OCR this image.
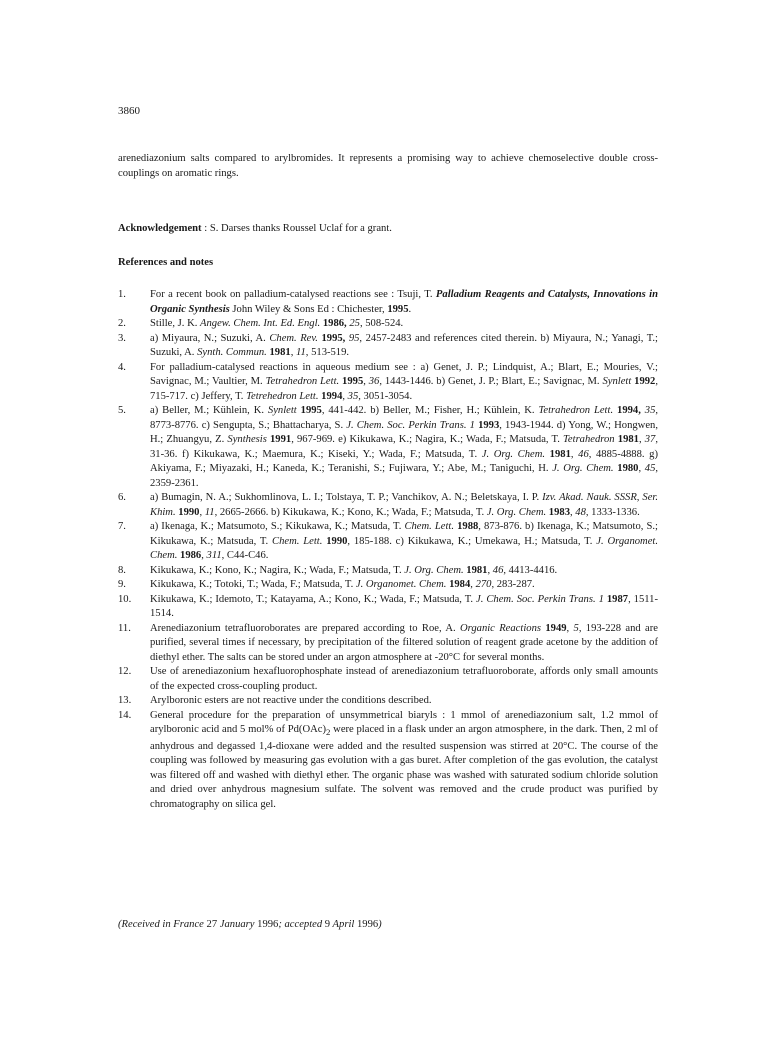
3860
arenediazonium salts compared to arylbromides. It represents a promising way to achieve chemoselective double cross-couplings on aromatic rings.
Acknowledgement : S. Darses thanks Roussel Uclaf for a grant.
References and notes
1.	For a recent book on palladium-catalysed reactions see : Tsuji, T. Palladium Reagents and Catalysts, Innovations in Organic Synthesis John Wiley & Sons Ed : Chichester, 1995.
2.	Stille, J. K. Angew. Chem. Int. Ed. Engl. 1986, 25, 508-524.
3.	a) Miyaura, N.; Suzuki, A. Chem. Rev. 1995, 95, 2457-2483 and references cited therein. b) Miyaura, N.; Yanagi, T.; Suzuki, A. Synth. Commun. 1981, 11, 513-519.
4.	For palladium-catalysed reactions in aqueous medium see : a) Genet, J. P.; Lindquist, A.; Blart, E.; Mouries, V.; Savignac, M.; Vaultier, M. Tetrahedron Lett. 1995, 36, 1443-1446. b) Genet, J. P.; Blart, E.; Savignac, M. Synlett 1992, 715-717. c) Jeffery, T. Tetrehedron Lett. 1994, 35, 3051-3054.
5.	a) Beller, M.; Kühlein, K. Synlett 1995, 441-442. b) Beller, M.; Fisher, H.; Kühlein, K. Tetrahedron Lett. 1994, 35, 8773-8776. c) Sengupta, S.; Bhattacharya, S. J. Chem. Soc. Perkin Trans. 1 1993, 1943-1944. d) Yong, W.; Hongwen, H.; Zhuangyu, Z. Synthesis 1991, 967-969. e) Kikukawa, K.; Nagira, K.; Wada, F.; Matsuda, T. Tetrahedron 1981, 37, 31-36. f) Kikukawa, K.; Maemura, K.; Kiseki, Y.; Wada, F.; Matsuda, T. J. Org. Chem. 1981, 46, 4885-4888. g) Akiyama, F.; Miyazaki, H.; Kaneda, K.; Teranishi, S.; Fujiwara, Y.; Abe, M.; Taniguchi, H. J. Org. Chem. 1980, 45, 2359-2361.
6.	a) Bumagin, N. A.; Sukhomlinova, L. I.; Tolstaya, T. P.; Vanchikov, A. N.; Beletskaya, I. P. Izv. Akad. Nauk. SSSR, Ser. Khim. 1990, 11, 2665-2666. b) Kikukawa, K.; Kono, K.; Wada, F.; Matsuda, T. J. Org. Chem. 1983, 48, 1333-1336.
7.	a) Ikenaga, K.; Matsumoto, S.; Kikukawa, K.; Matsuda, T. Chem. Lett. 1988, 873-876. b) Ikenaga, K.; Matsumoto, S.; Kikukawa, K.; Matsuda, T. Chem. Lett. 1990, 185-188. c) Kikukawa, K.; Umekawa, H.; Matsuda, T. J. Organomet. Chem. 1986, 311, C44-C46.
8.	Kikukawa, K.; Kono, K.; Nagira, K.; Wada, F.; Matsuda, T. J. Org. Chem. 1981, 46, 4413-4416.
9.	Kikukawa, K.; Totoki, T.; Wada, F.; Matsuda, T. J. Organomet. Chem. 1984, 270, 283-287.
10.	Kikukawa, K.; Idemoto, T.; Katayama, A.; Kono, K.; Wada, F.; Matsuda, T. J. Chem. Soc. Perkin Trans. 1 1987, 1511-1514.
11.	Arenediazonium tetrafluoroborates are prepared according to Roe, A. Organic Reactions 1949, 5, 193-228 and are purified, several times if necessary, by precipitation of the filtered solution of reagent grade acetone by the addition of diethyl ether. The salts can be stored under an argon atmosphere at -20°C for several months.
12.	Use of arenediazonium hexafluorophosphate instead of arenediazonium tetrafluoroborate, affords only small amounts of the expected cross-coupling product.
13.	Arylboronic esters are not reactive under the conditions described.
14.	General procedure for the preparation of unsymmetrical biaryls : 1 mmol of arenediazonium salt, 1.2 mmol of arylboronic acid and 5 mol% of $Pd(OAc)_2$ were placed in a flask under an argon atmosphere, in the dark. Then, 2 ml of anhydrous and degassed 1,4-dioxane were added and the resulted suspension was stirred at 20°C. The course of the coupling was followed by measuring gas evolution with a gas buret. After completion of the gas evolution, the catalyst was filtered off and washed with diethyl ether. The organic phase was washed with saturated sodium chloride solution and dried over anhydrous magnesium sulfate. The solvent was removed and the crude product was purified by chromatography on silica gel.
(Received in France 27 January 1996; accepted 9 April 1996)
